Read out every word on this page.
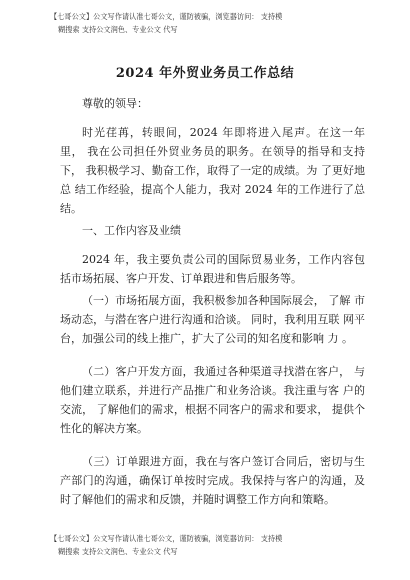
【七哥公文】公文写作请认准七哥公文，谨防被骗，浏览器访问： 支持模
糊搜索 支持公文润色、专业公文 代写
2024 年外贸业务员工作总结

尊敬的领导：

时光荏苒，转眼间，2024 年即将进入尾声。在这一年里， 我在公司担任外贸业务员的职务。在领导的指导和支持下， 我积极学习、勤奋工作，取得了一定的成绩。为 了更好地总 结工作经验，提高个人能力，我对 2024 年的工作进行了总 结。

一、工作内容及业绩

2024 年，我主要负责公司的国际贸易业务，工作内容包 括市场拓展、客户开发、订单跟进和售后服务等。

（一）市场拓展方面，我积极参加各种国际展会， 了解 市场动态，与潜在客户进行沟通和洽谈。 同时，我利用互联 网平台，加强公司的线上推广，扩大了公司的知名度和影响 力 。

（二）客户开发方面，我通过各种渠道寻找潜在客户， 与他们建立联系，并进行产品推广和业务洽谈。我注重与客 户的交流， 了解他们的需求，根据不同客户的需求和要求， 提供个性化的解决方案。

（三）订单跟进方面，我在与客户签订合同后，密切与生产部门的沟通，确保订单按时完成。我保持与客户的沟通，及时了解他们的需求和反馈，并随时调整工作方向和策略。

【七哥公文】公文写作请认准七哥公文，谨防被骗，浏览器访问： 支持模
糊搜索 支持公文润色、专业公文 代写
